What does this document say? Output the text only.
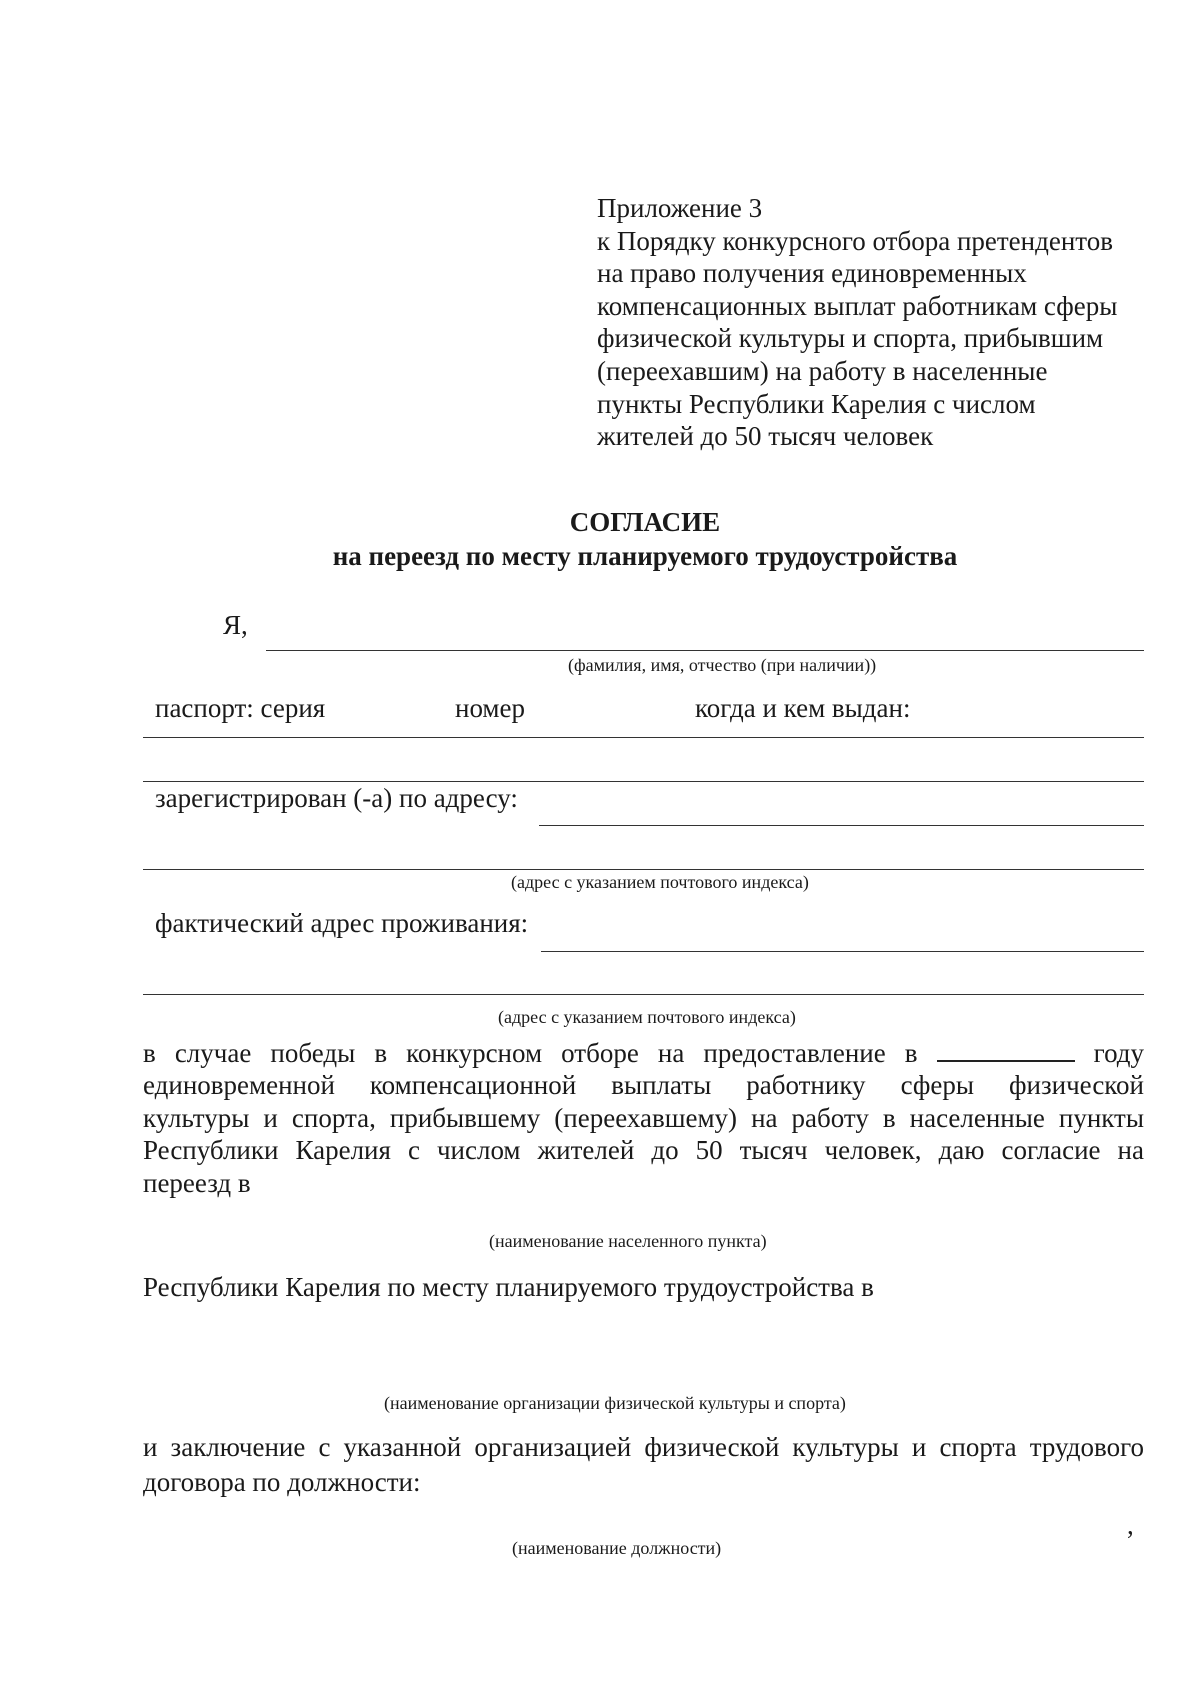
Приложение 3
к Порядку конкурсного отбора претендентов
на право получения единовременных
компенсационных выплат работникам сферы
физической культуры и спорта, прибывшим
(переехавшим) на работу в населенные
пункты Республики Карелия с числом
жителей до 50 тысяч человек
СОГЛАСИЕ
на переезд по месту планируемого трудоустройства
Я,
(фамилия, имя, отчество (при наличии))
паспорт: серия	номер	когда и кем выдан:
зарегистрирован (-а) по адресу:
(адрес с указанием почтового индекса)
фактический адрес проживания:
(адрес с указанием почтового индекса)
в случае победы в конкурсном отборе на предоставление в	году
единовременной компенсационной выплаты работнику сферы физической
культуры и спорта, прибывшему (переехавшему) на работу в населенные пункты
Республики Карелия с числом жителей до 50 тысяч человек, даю согласие на
переезд в
(наименование населенного пункта)
Республики Карелия по месту планируемого трудоустройства в
(наименование организации физической культуры и спорта)
и заключение с указанной организацией физической культуры и спорта трудового
договора по должности:
,
(наименование должности)
